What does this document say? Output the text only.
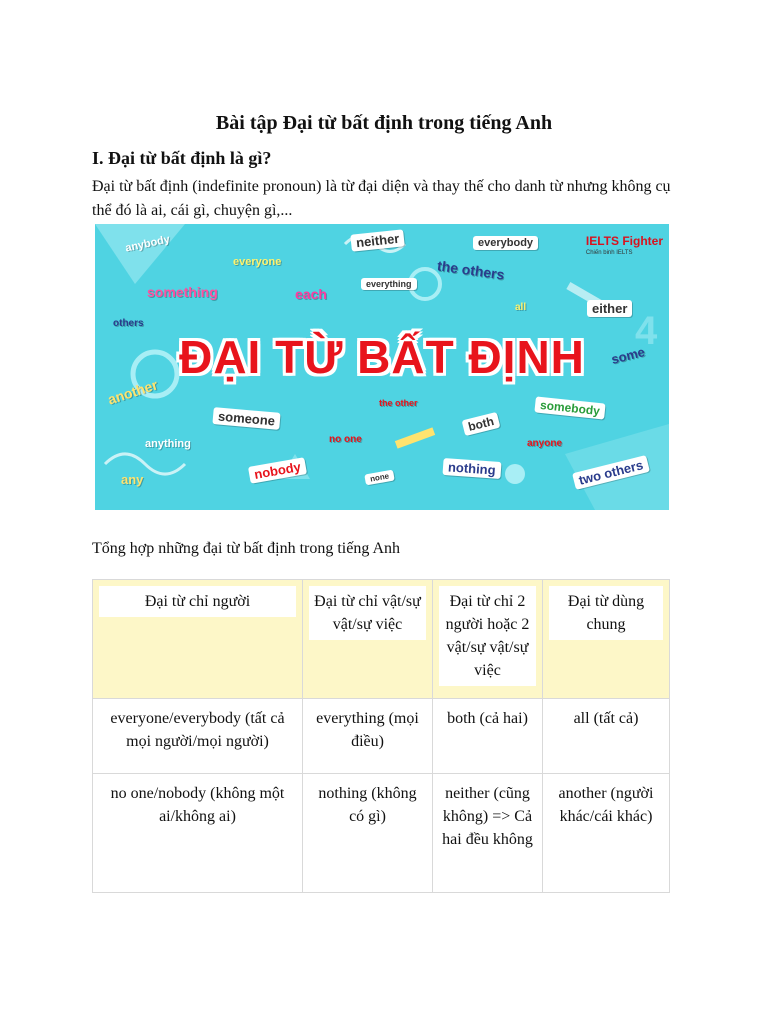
Bài tập Đại từ bất định trong tiếng Anh
I. Đại từ bất định là gì?

Đại từ bất định (indefinite pronoun) là từ đại diện và thay thế cho danh từ nhưng không cụ thể đó là ai, cái gì, chuyện gì,...

4
anybody
everyone
neither	everybody
the others
something	each
everything
others
all	either
some
another
someone
the other	somebody
both
anything	no one	anyone
any	nobody	none	nothing	two others
ĐẠI TỪ BẤT ĐỊNH
IELTS Fighter
Chiến binh IELTS

Tổng hợp những đại từ bất định trong tiếng Anh

Đại từ chỉ người	Đại từ chỉ vật/sự vật/sự việc	Đại từ chỉ 2 người hoặc 2 vật/sự vật/sự việc	Đại từ dùng chung

everyone/everybody (tất cả mọi người/mọi người)	everything (mọi điều)	both (cả hai)	all (tất cả)
no one/nobody (không một ai/không ai)	nothing (không có gì)	neither (cũng không) => Cả hai đều không	another (người khác/cái khác)
